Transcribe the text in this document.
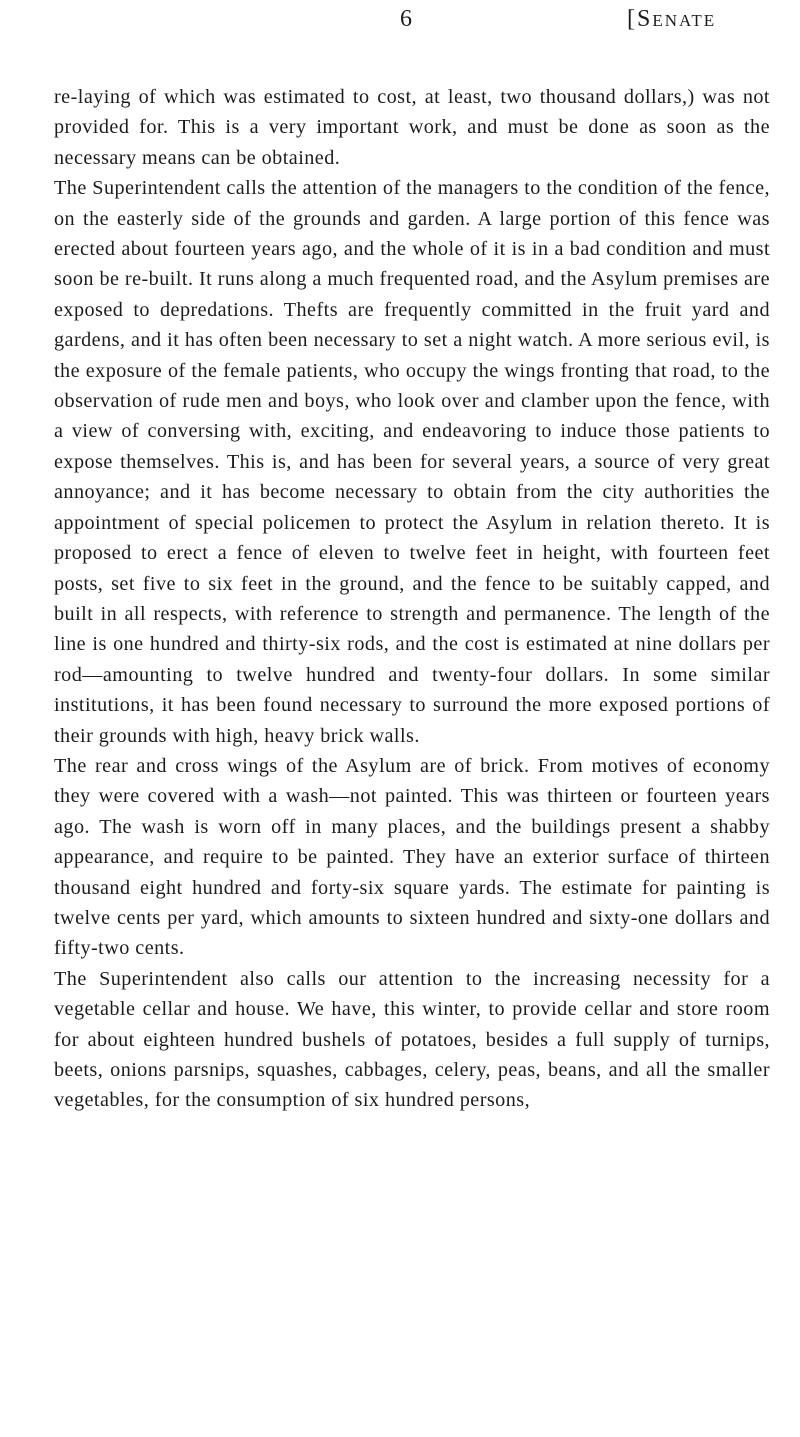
6	[Senate

re-laying of which was estimated to cost, at least, two thousand dollars,) was not provided for. This is a very important work, and must be done as soon as the necessary means can be obtained.

The Superintendent calls the attention of the managers to the condition of the fence, on the easterly side of the grounds and garden. A large portion of this fence was erected about fourteen years ago, and the whole of it is in a bad condition and must soon be re-built. It runs along a much frequented road, and the Asylum premises are exposed to depredations. Thefts are frequently committed in the fruit yard and gardens, and it has often been necessary to set a night watch. A more serious evil, is the exposure of the female patients, who occupy the wings fronting that road, to the observation of rude men and boys, who look over and clamber upon the fence, with a view of conversing with, exciting, and endeavoring to induce those patients to expose themselves. This is, and has been for several years, a source of very great annoyance; and it has become necessary to obtain from the city authorities the appointment of special policemen to protect the Asylum in relation thereto. It is proposed to erect a fence of eleven to twelve feet in height, with fourteen feet posts, set five to six feet in the ground, and the fence to be suitably capped, and built in all respects, with reference to strength and permanence. The length of the line is one hundred and thirty-six rods, and the cost is estimated at nine dollars per rod—amounting to twelve hundred and twenty-four dollars. In some similar institutions, it has been found necessary to surround the more exposed portions of their grounds with high, heavy brick walls.

The rear and cross wings of the Asylum are of brick. From motives of economy they were covered with a wash—not painted. This was thirteen or fourteen years ago. The wash is worn off in many places, and the buildings present a shabby appearance, and require to be painted. They have an exterior surface of thirteen thousand eight hundred and forty-six square yards. The estimate for painting is twelve cents per yard, which amounts to sixteen hundred and sixty-one dollars and fifty-two cents.

The Superintendent also calls our attention to the increasing necessity for a vegetable cellar and house. We have, this winter, to provide cellar and store room for about eighteen hundred bushels of potatoes, besides a full supply of turnips, beets, onions parsnips, squashes, cabbages, celery, peas, beans, and all the smaller vegetables, for the consumption of six hundred persons,
